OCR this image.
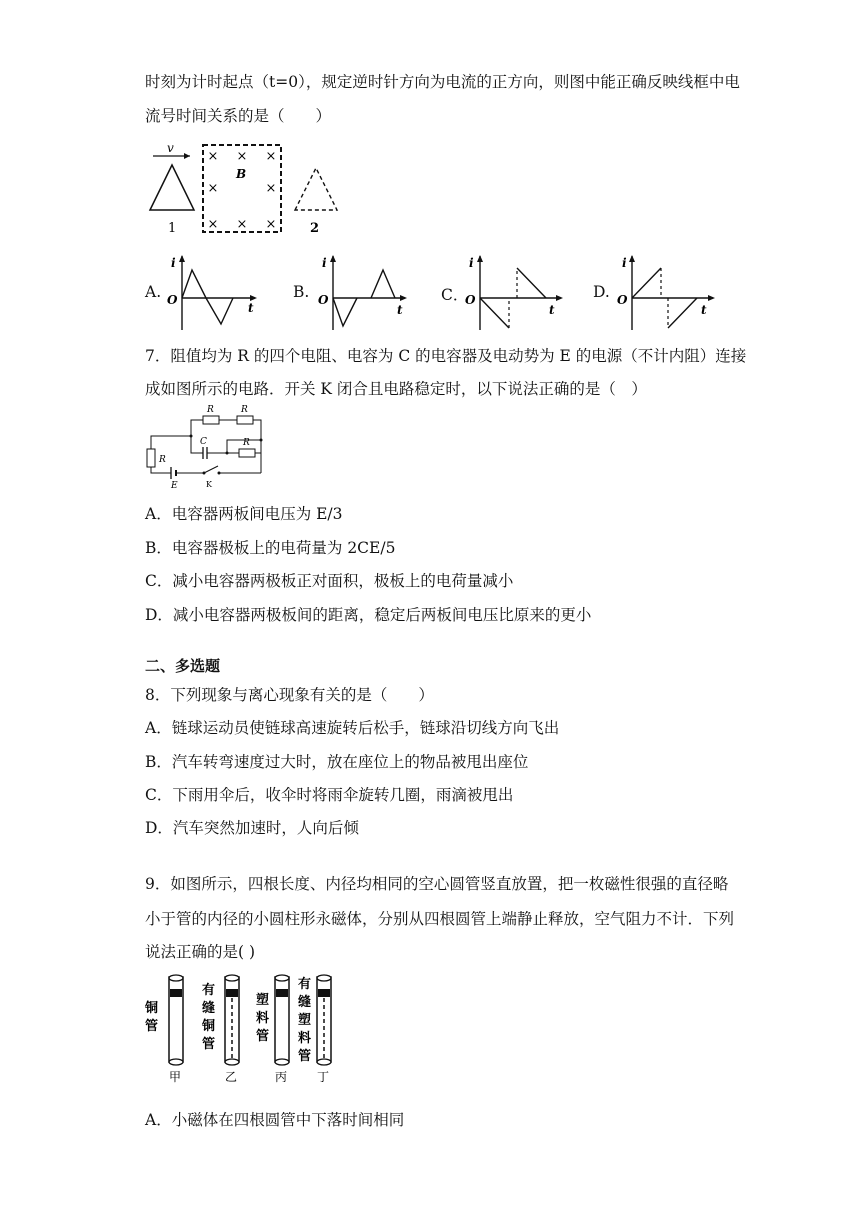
时刻为计时起点（t=0），规定逆时针方向为电流的正方向，则图中能正确反映线框中电
流号时间关系的是（　　）
v
1
× × ×
×	×
× × ×
B
2
A.
i
t
O	B.
i
t
O	C．
i
t
O	D.
i
t
O
7．阻值均为 R 的四个电阻、电容为 C 的电容器及电动势为 E 的电源（不计内阻）连接
成如图所示的电路．开关 K 闭合且电路稳定时，以下说法正确的是（　）
R
E	K
R	R
C	R
A．电容器两板间电压为 E/3
B．电容器极板上的电荷量为 2CE/5
C．减小电容器两极板正对面积，极板上的电荷量减小
D．减小电容器两极板间的距离，稳定后两板间电压比原来的更小
二、多选题
8．下列现象与离心现象有关的是（　　）
A．链球运动员使链球高速旋转后松手，链球沿切线方向飞出
B．汽车转弯速度过大时，放在座位上的物品被甩出座位
C．下雨用伞后，收伞时将雨伞旋转几圈，雨滴被甩出
D．汽车突然加速时，人向后倾
9．如图所示，四根长度、内径均相同的空心圆管竖直放置，把一枚磁性很强的直径略
小于管的内径的小圆柱形永磁体，分别从四根圆管上端静止释放，空气阻力不计．下列
说法正确的是( )
铜
管
甲
有
缝
铜
管
乙
塑
料
管
丙
有
缝
塑
料
管
丁
A．小磁体在四根圆管中下落时间相同
